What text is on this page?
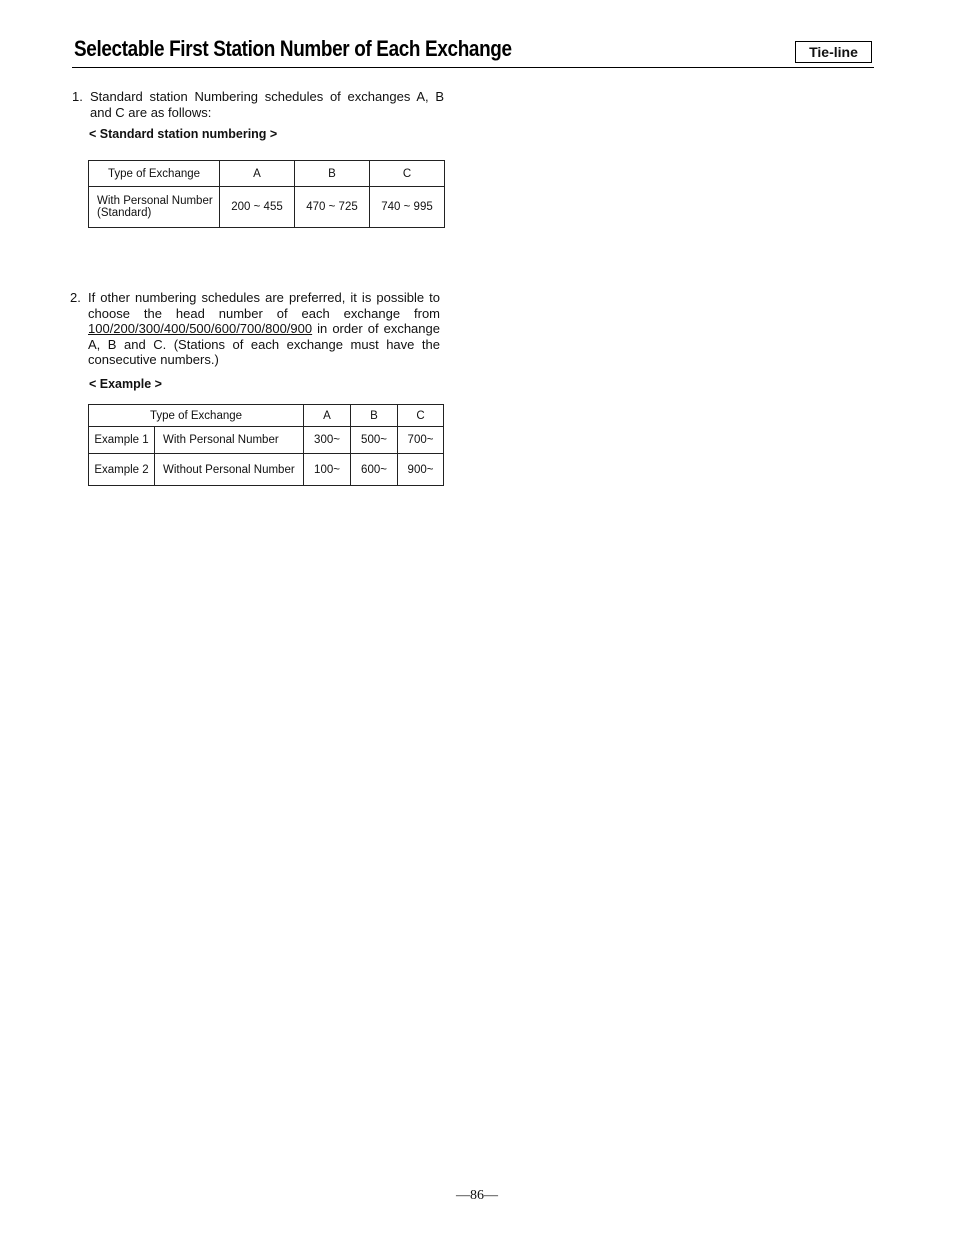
Selectable First Station Number of Each Exchange	Tie-line
1. Standard station Numbering schedules of exchanges A, B and C are as follows:
< Standard station numbering >
Type of Exchange	A	B	C
With Personal Number (Standard)	200 ~ 455	470 ~ 725	740 ~ 995
2. If other numbering schedules are preferred, it is possible to choose the head number of each exchange from 100/200/300/400/500/600/700/800/900 in order of exchange A, B and C. (Stations of each exchange must have the consecutive numbers.)
< Example >
Type of Exchange		A	B	C
Example 1	With Personal Number	300~	500~	700~
Example 2	Without Personal Number	100~	600~	900~
—86—
